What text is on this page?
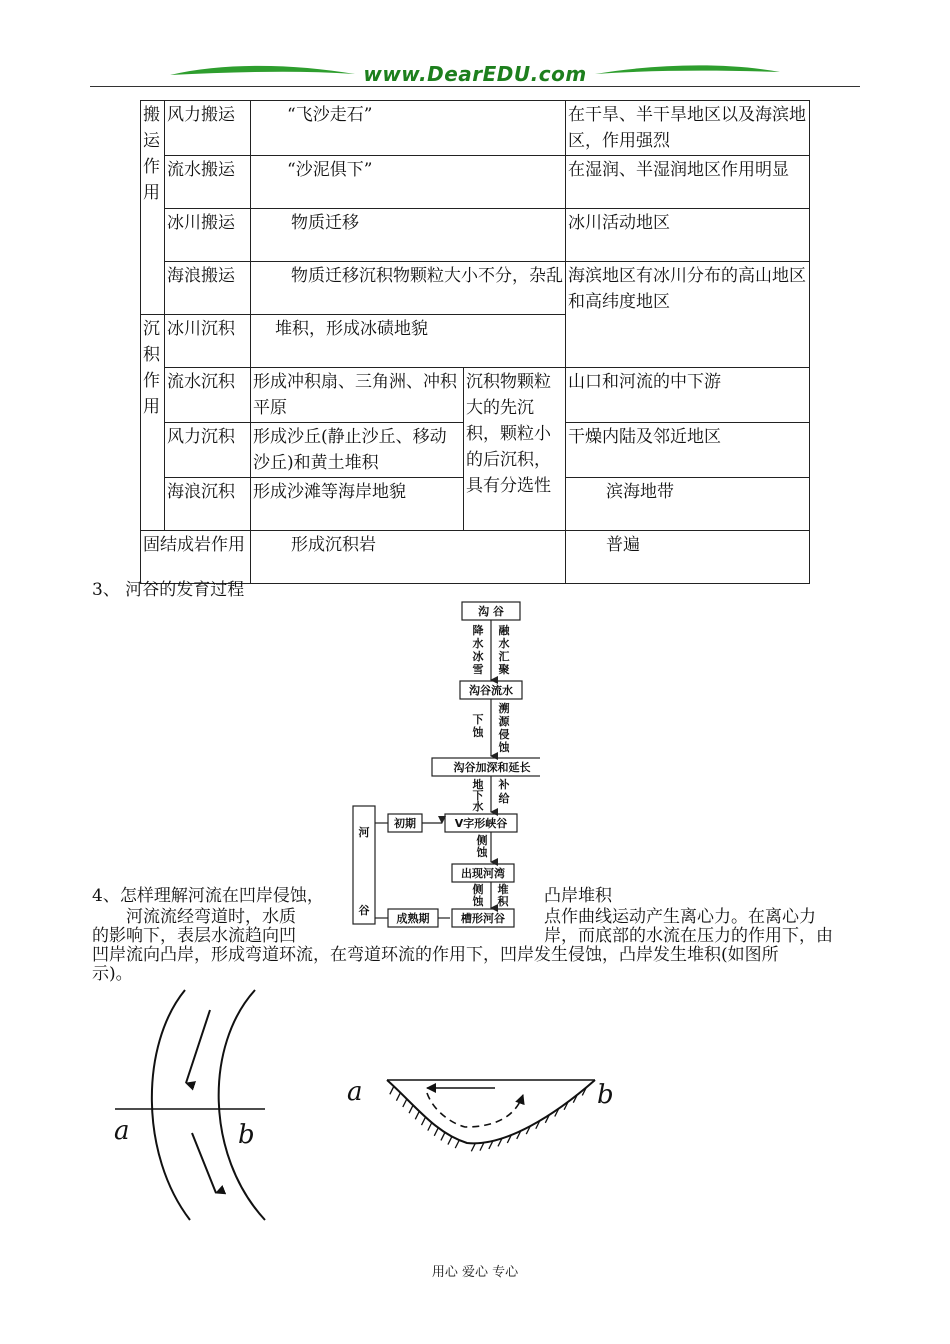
www.DearEDU.com
搬运作用	风力搬运	“飞沙走石”		在干旱、半干旱地区以及海滨地区，作用强烈
	流水搬运	“沙泥俱下”		在湿润、半湿润地区作用明显
	冰川搬运	物质迁移		冰川活动地区
	海浪搬运	物质迁移沉积物颗粒大小不分，杂乱		海滨地区有冰川分布的高山地区和高纬度地区
沉积作用	冰川沉积	堆积，形成冰碛地貌		
	流水沉积	形成冲积扇、三角洲、冲积平原	沉积物颗粒大的先沉积，颗粒小的后沉积，具有分选性	山口和河流的中下游
	风力沉积	形成沙丘(静止沙丘、移动沙丘)和黄土堆积		干燥内陆及邻近地区
	海浪沉积	形成沙滩等海岸地貌		滨海地带
固结成岩作用		形成沉积岩		普遍
3、 河谷的发育过程
沟 谷
沟谷流水
沟谷加深和延长
V字形峡谷
出现河湾
槽形河谷
初期
成熟期
降水冰雪
融水汇聚
下蚀
溯源侵蚀
地下水
补给
侧蚀
侧蚀
堆积
河谷
4、怎样理解河流在凹岸侵蚀，	凸岸堆积
河流流经弯道时，水质	点作曲线运动产生离心力。在离心力
的影响下，表层水流趋向凹	岸，而底部的水流在压力的作用下，由
凹岸流向凸岸，形成弯道环流，在弯道环流的作用下，凹岸发生侵蚀，凸岸发生堆积(如图所
示)。
a	b
a	b
用心 爱心 专心
